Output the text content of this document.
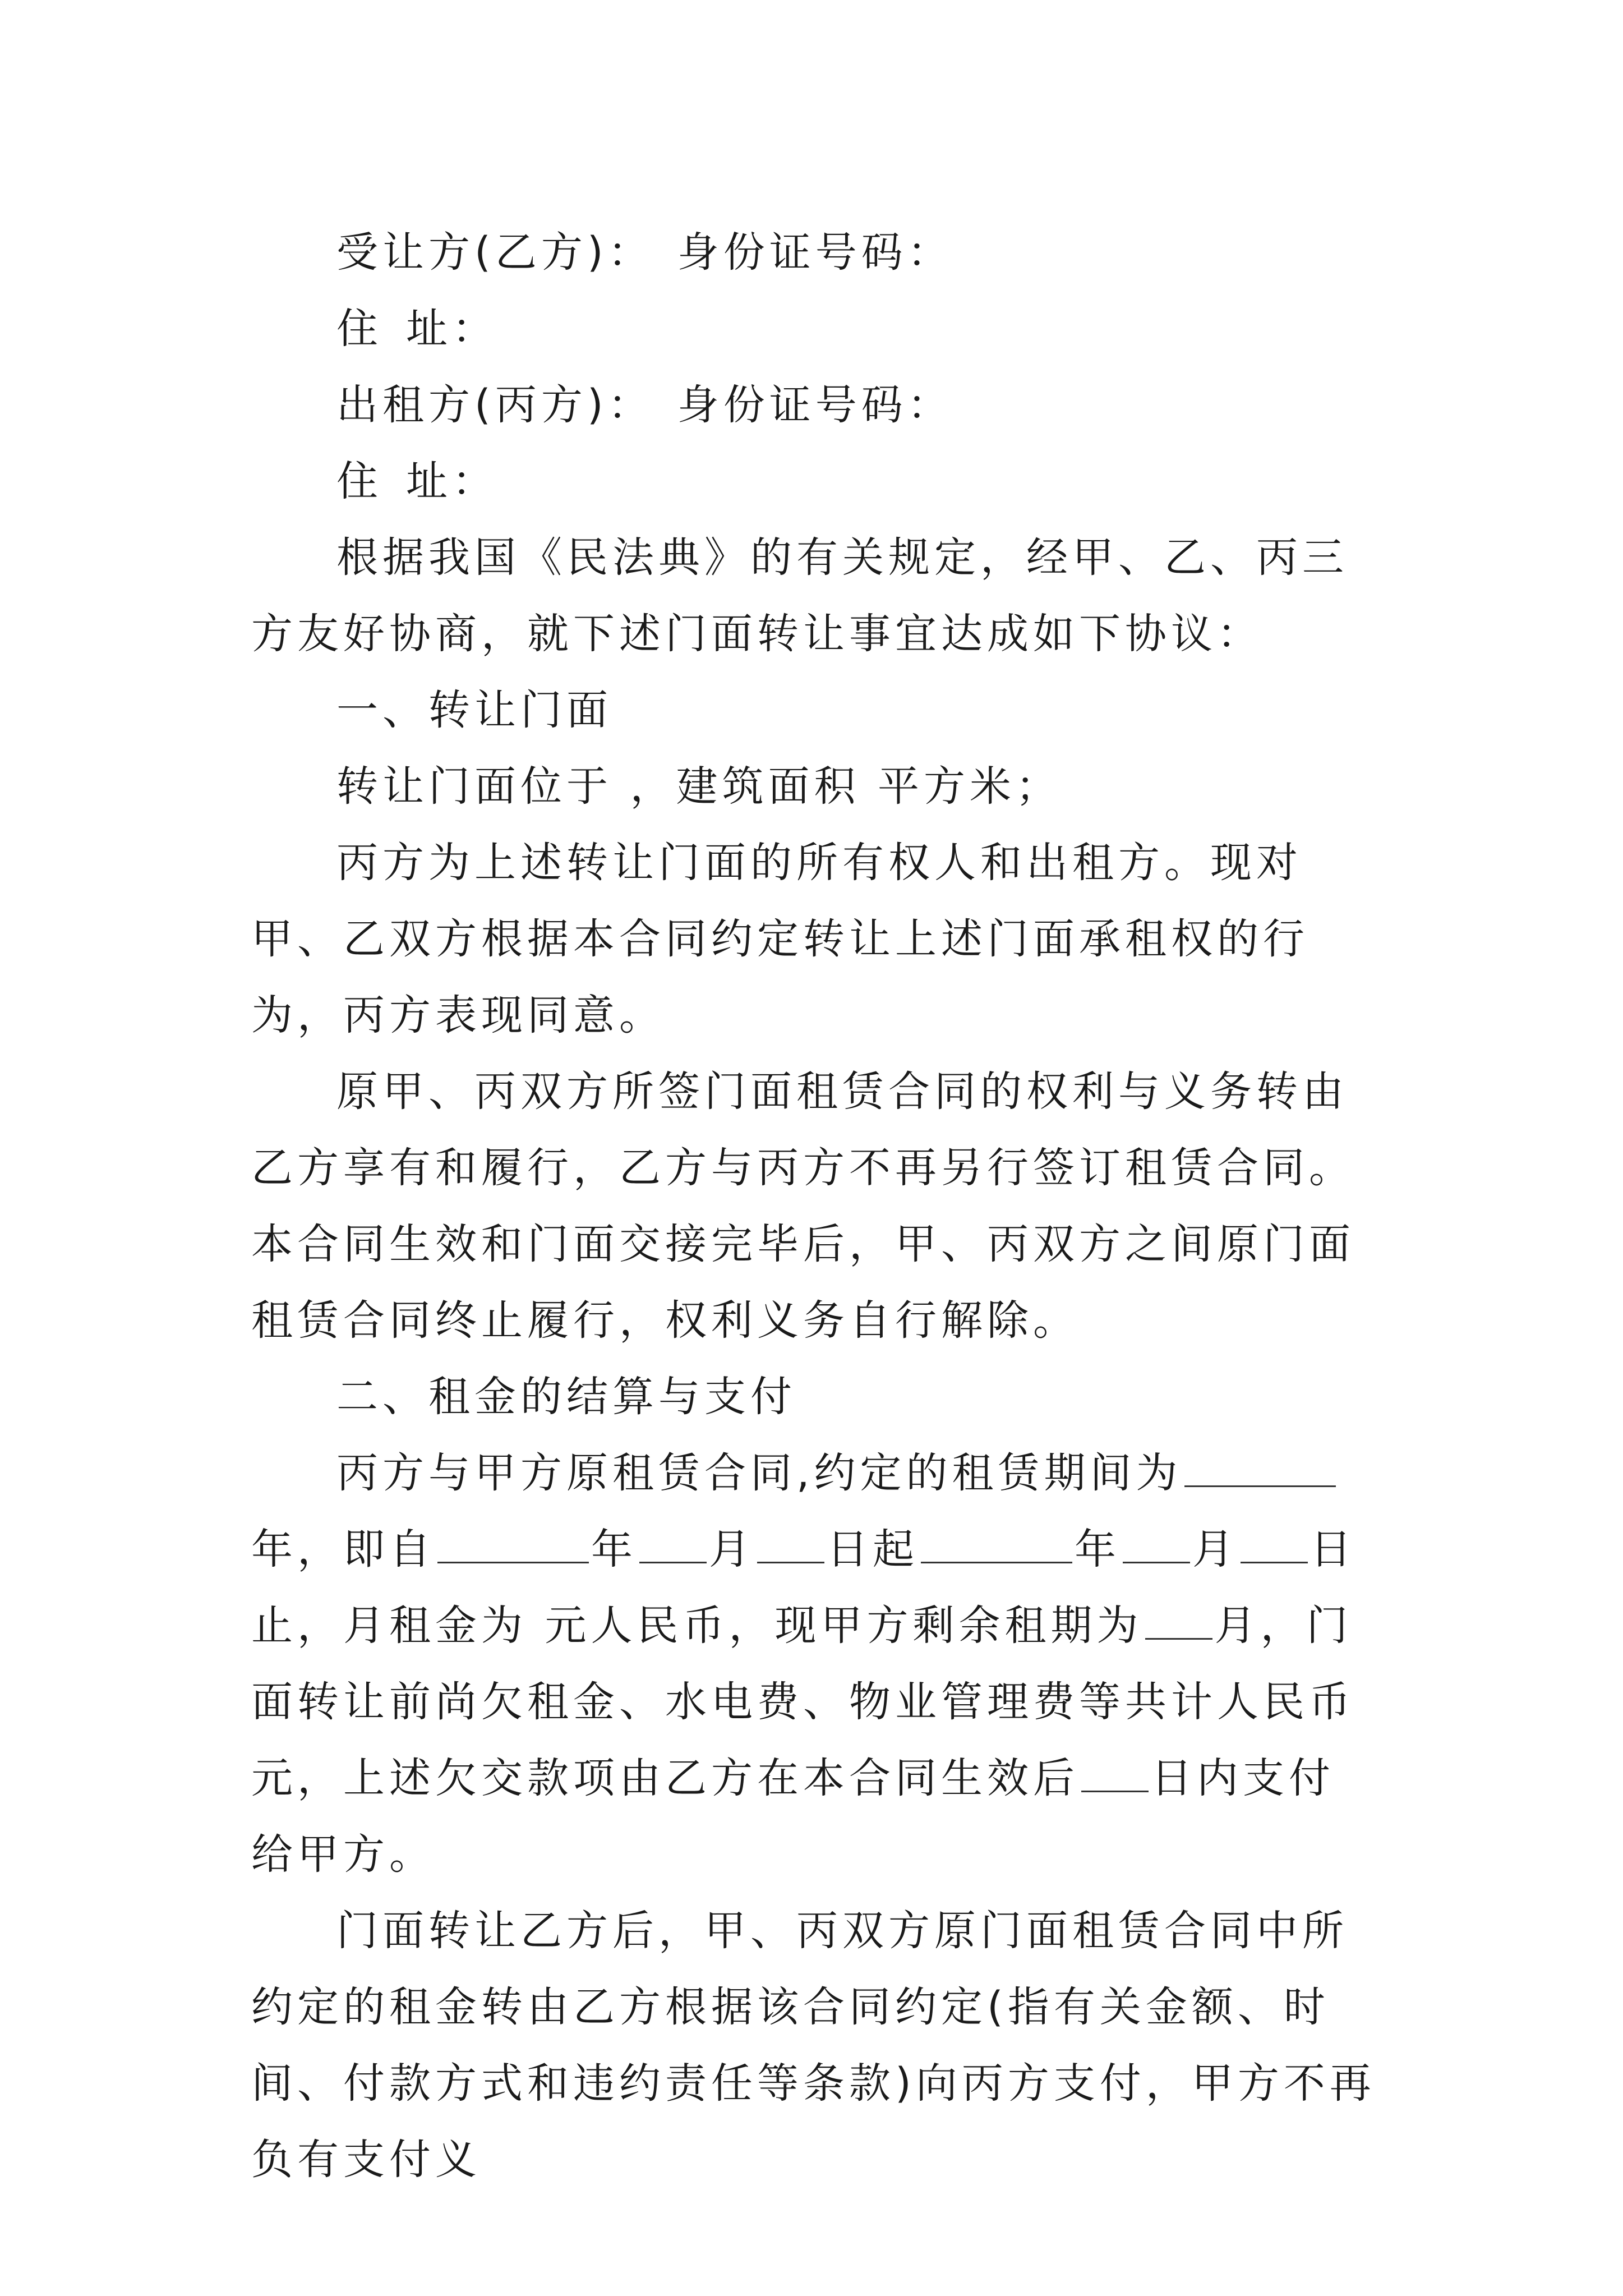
受让方(乙方)： 身份证号码：

住 址：

出租方(丙方)： 身份证号码：

住 址：

根据我国《民法典》的有关规定，经甲、乙、丙三方友好协商，就下述门面转让事宜达成如下协议：

一、转让门面

转让门面位于 ，建筑面积 平方米；

丙方为上述转让门面的所有权人和出租方。现对甲、乙双方根据本合同约定转让上述门面承租权的行为，丙方表现同意。

原甲、丙双方所签门面租赁合同的权利与义务转由乙方享有和履行，乙方与丙方不再另行签订租赁合同。本合同生效和门面交接完毕后，甲、丙双方之间原门面租赁合同终止履行，权利义务自行解除。

二、租金的结算与支付

丙方与甲方原租赁合同,约定的租赁期间为年，即自	年 月 日起	年 月 日止，月租金为 元人民币，现甲方剩余租期为 月，门面转让前尚欠租金、水电费、物业管理费等共计人民币 元，上述欠交款项由乙方在本合同生效后 日内支付给甲方。

门面转让乙方后，甲、丙双方原门面租赁合同中所约定的租金转由乙方根据该合同约定(指有关金额、时间、付款方式和违约责任等条款)向丙方支付，甲方不再负有支付义
